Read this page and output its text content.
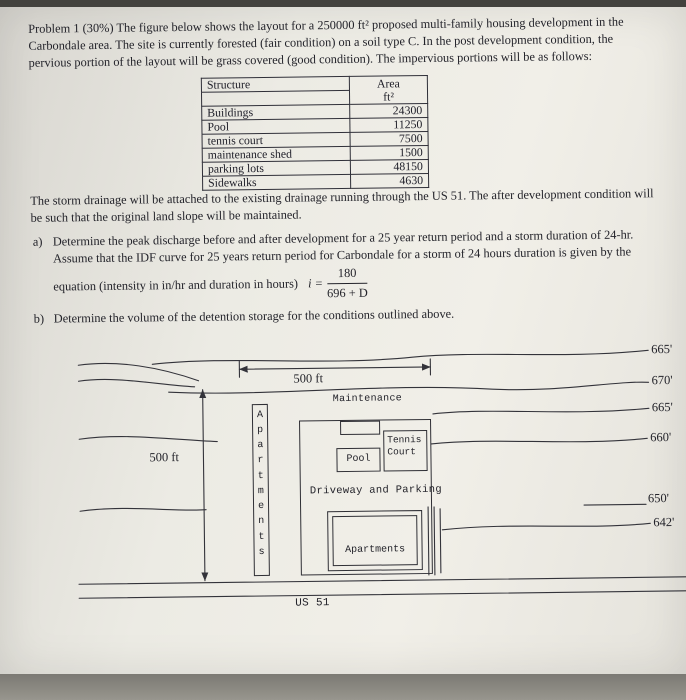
Problem 1 (30%) The figure below shows the layout for a 250000 ft² proposed multi-family housing development in the Carbondale area. The site is currently forested (fair condition) on a soil type C. In the post development condition, the pervious portion of the layout will be grass covered (good condition). The impervious portions will be as follows:

Structure	Area
	ft²
Buildings	24300
Pool	11250
tennis court	7500
maintenance shed	1500
parking lots	48150
Sidewalks	4630

The storm drainage will be attached to the existing drainage running through the US 51. The after development condition will be such that the original land slope will be maintained.

a) Determine the peak discharge before and after development for a 25 year return period and a storm duration of 24-hr. Assume that the IDF curve for 25 years return period for Carbondale for a storm of 24 hours duration is given by the
equation (intensity in in/hr and duration in hours) $i = \frac{180}{696 + D}$
b) Determine the volume of the detention storage for the conditions outlined above.
Apartments
Pool
Tennis
Court
Apartments
Maintenance
Driveway and Parking
US 51
500 ft
500 ft
665'
670'
665'
660'
650'
642'
